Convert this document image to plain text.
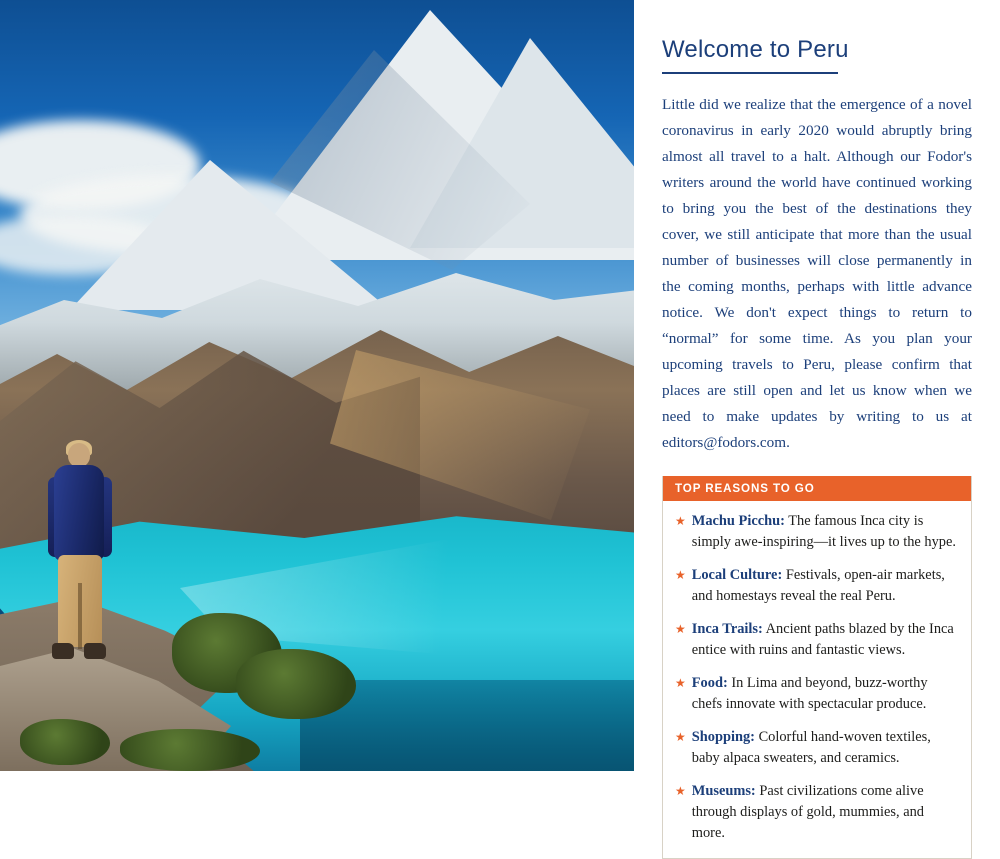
Welcome to Peru

Little did we realize that the emergence of a novel coronavirus in early 2020 would abruptly bring almost all travel to a halt. Although our Fodor's writers around the world have continued working to bring you the best of the destinations they cover, we still anticipate that more than the usual number of businesses will close permanently in the coming months, perhaps with little advance notice. We don't expect things to return to “normal” for some time. As you plan your upcoming travels to Peru, please confirm that places are still open and let us know when we need to make updates by writing to us at editors@fodors.com.

TOP REASONS TO GO
★ Machu Picchu: The famous Inca city is simply awe-inspiring—it lives up to the hype.
★ Local Culture: Festivals, open-air markets, and homestays reveal the real Peru.
★ Inca Trails: Ancient paths blazed by the Inca entice with ruins and fantastic views.
★ Food: In Lima and beyond, buzz-worthy chefs innovate with spectacular produce.
★ Shopping: Colorful hand-woven textiles, baby alpaca sweaters, and ceramics.
★ Museums: Past civilizations come alive through displays of gold, mummies, and more.
